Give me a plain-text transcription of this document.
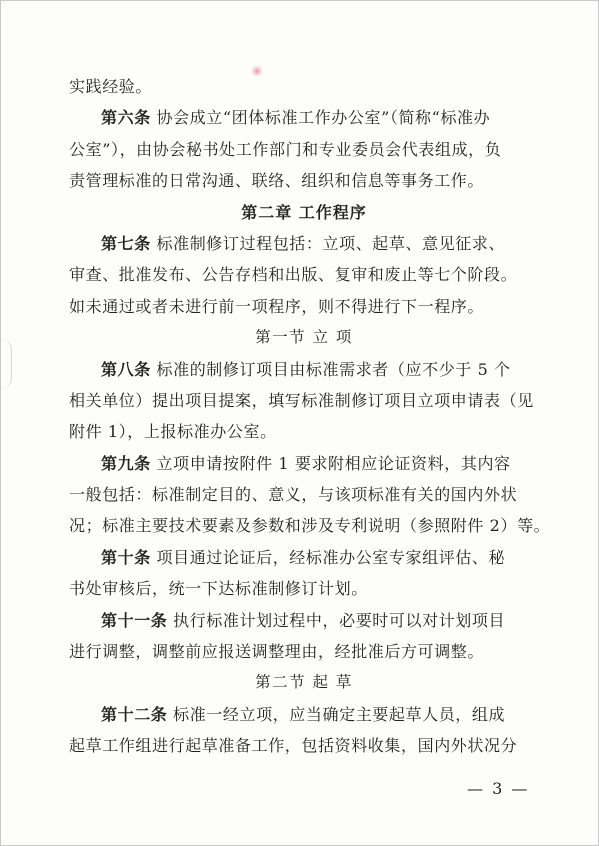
实践经验。
第六条 协会成立“团体标准工作办公室”（简称“标准办
公室”），由协会秘书处工作部门和专业委员会代表组成，负
责管理标准的日常沟通、联络、组织和信息等事务工作。
第二章 工作程序
第七条 标准制修订过程包括：立项、起草、意见征求、
审查、批准发布、公告存档和出版、复审和废止等七个阶段。
如未通过或者未进行前一项程序，则不得进行下一程序。
第一节 立 项
第八条 标准的制修订项目由标准需求者（应不少于 5 个
相关单位）提出项目提案，填写标准制修订项目立项申请表（见
附件 1），上报标准办公室。
第九条 立项申请按附件 1 要求附相应论证资料，其内容
一般包括：标准制定目的、意义，与该项标准有关的国内外状
况；标准主要技术要素及参数和涉及专利说明（参照附件 2）等。
第十条 项目通过论证后，经标准办公室专家组评估、秘
书处审核后，统一下达标准制修订计划。
第十一条 执行标准计划过程中，必要时可以对计划项目
进行调整，调整前应报送调整理由，经批准后方可调整。
第二节 起 草
第十二条 标准一经立项，应当确定主要起草人员，组成
起草工作组进行起草准备工作，包括资料收集，国内外状况分
— 3 —
